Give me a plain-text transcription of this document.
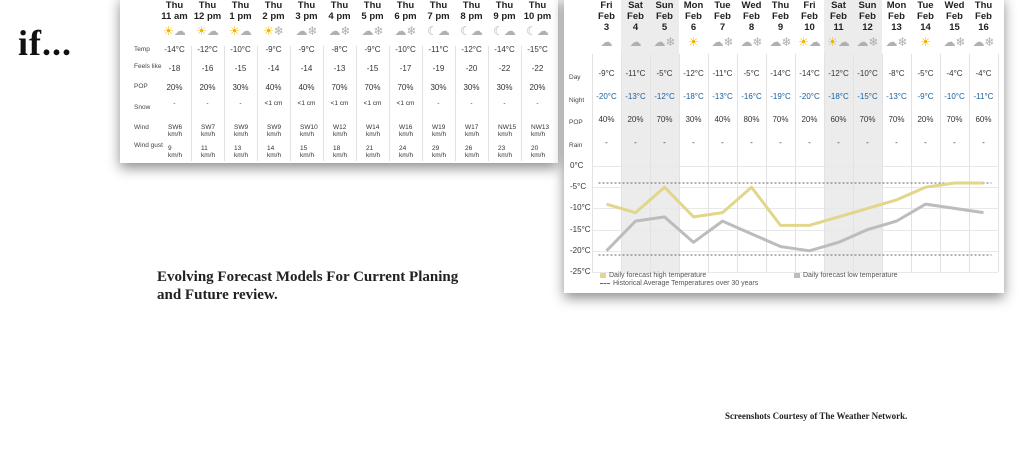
if...
Evolving Forecast Models For Current Planing and Future review.
Screenshots Courtesy of The Weather Network.
Temp
Feels like
POP
Snow
Wind
Wind gust
Thu
11 am
☀☁
-14°C
-18
20%
-
SW6
km/h
9
km/h
Thu
12 pm
☀☁
-12°C
-16
20%
-
SW7
km/h
11
km/h
Thu
1 pm
☀☁
-10°C
-15
30%
-
SW9
km/h
13
km/h
Thu
2 pm
☀❄
-9°C
-14
40%
<1 cm
SW9
km/h
14
km/h
Thu
3 pm
☁❄
-9°C
-14
40%
<1 cm
SW10
km/h
15
km/h
Thu
4 pm
☁❄
-8°C
-13
70%
<1 cm
W12
km/h
18
km/h
Thu
5 pm
☁❄
-9°C
-15
70%
<1 cm
W14
km/h
21
km/h
Thu
6 pm
☁❄
-10°C
-17
70%
<1 cm
W16
km/h
24
km/h
Thu
7 pm
☾☁
-11°C
-19
30%
-
W19
km/h
29
km/h
Thu
8 pm
☾☁
-12°C
-20
30%
-
W17
km/h
26
km/h
Thu
9 pm
☾☁
-14°C
-22
30%
-
NW15
km/h
23
km/h
Thu
10 pm
☾☁
-15°C
-22
20%
-
NW13
km/h
20
km/h
Day
Night
POP
Rain
Fri
Feb
3
☁
-9°C
-20°C
40%
-
Sat
Feb
4
☁
-11°C
-13°C
20%
-
Sun
Feb
5
☁❄
-5°C
-12°C
70%
-
Mon
Feb
6
☀
-12°C
-18°C
30%
-
Tue
Feb
7
☁❄
-11°C
-13°C
40%
-
Wed
Feb
8
☁❄
-5°C
-16°C
80%
-
Thu
Feb
9
☁❄
-14°C
-19°C
70%
-
Fri
Feb
10
☀☁
-14°C
-20°C
20%
-
Sat
Feb
11
☀☁
-12°C
-18°C
60%
-
Sun
Feb
12
☁❄
-10°C
-15°C
70%
-
Mon
Feb
13
☁❄
-8°C
-13°C
70%
-
Tue
Feb
14
☀
-5°C
-9°C
20%
-
Wed
Feb
15
☁❄
-4°C
-10°C
70%
-
Thu
Feb
16
☁❄
-4°C
-11°C
60%
-
0°C
-5°C
-10°C
-15°C
-20°C
-25°C	Daily forecast high temperature	Daily forecast low temperature
Historical Average Temperatures over 30 years
